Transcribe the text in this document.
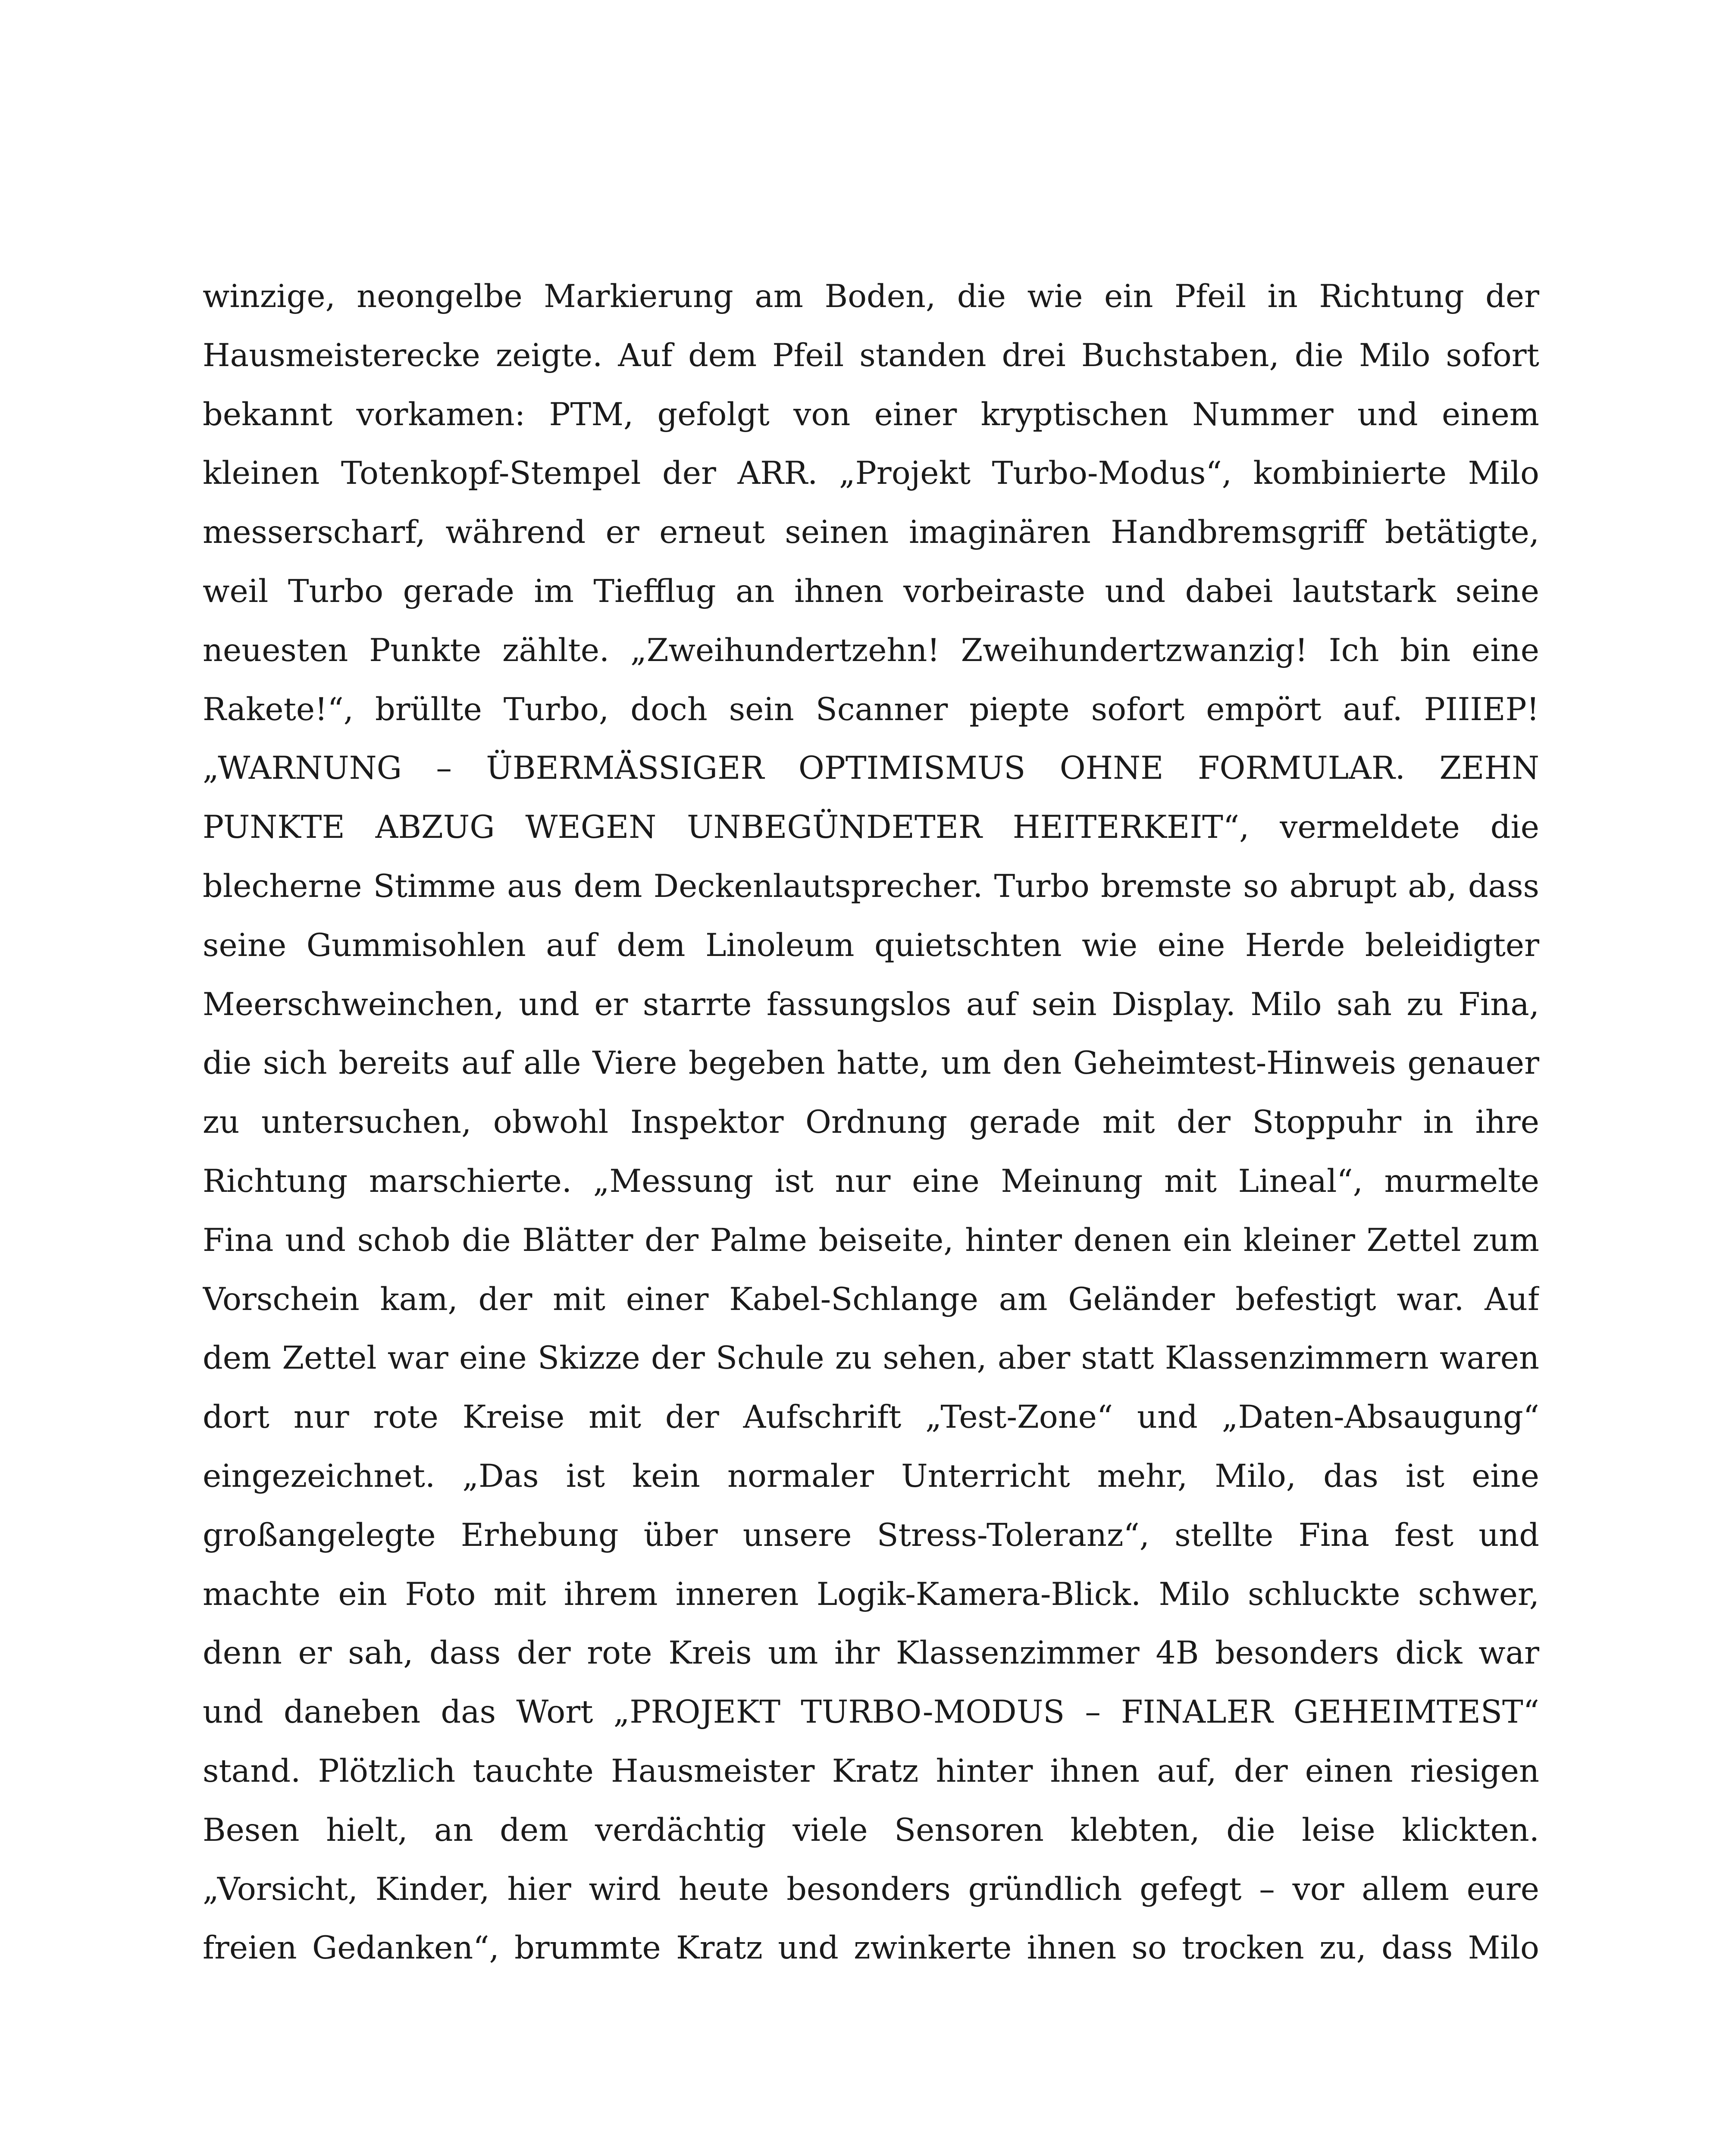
winzige, neongelbe Markierung am Boden, die wie ein Pfeil in Richtung der
Hausmeisterecke zeigte. Auf dem Pfeil standen drei Buchstaben, die Milo sofort
bekannt vorkamen: PTM, gefolgt von einer kryptischen Nummer und einem
kleinen Totenkopf-Stempel der ARR. „Projekt Turbo-Modus“, kombinierte Milo
messerscharf, während er erneut seinen imaginären Handbremsgriff betätigte,
weil Turbo gerade im Tiefflug an ihnen vorbeiraste und dabei lautstark seine
neuesten Punkte zählte. „Zweihundertzehn! Zweihundertzwanzig! Ich bin eine
Rakete!“, brüllte Turbo, doch sein Scanner piepte sofort empört auf. PIIIEP!
„WARNUNG – ÜBERMÄSSIGER OPTIMISMUS OHNE FORMULAR. ZEHN
PUNKTE ABZUG WEGEN UNBEGÜNDETER HEITERKEIT“, vermeldete die
blecherne Stimme aus dem Deckenlautsprecher. Turbo bremste so abrupt ab, dass
seine Gummisohlen auf dem Linoleum quietschten wie eine Herde beleidigter
Meerschweinchen, und er starrte fassungslos auf sein Display. Milo sah zu Fina,
die sich bereits auf alle Viere begeben hatte, um den Geheimtest-Hinweis genauer
zu untersuchen, obwohl Inspektor Ordnung gerade mit der Stoppuhr in ihre
Richtung marschierte. „Messung ist nur eine Meinung mit Lineal“, murmelte
Fina und schob die Blätter der Palme beiseite, hinter denen ein kleiner Zettel zum
Vorschein kam, der mit einer Kabel-Schlange am Geländer befestigt war. Auf
dem Zettel war eine Skizze der Schule zu sehen, aber statt Klassenzimmern waren
dort nur rote Kreise mit der Aufschrift „Test-Zone“ und „Daten-Absaugung“
eingezeichnet. „Das ist kein normaler Unterricht mehr, Milo, das ist eine
großangelegte Erhebung über unsere Stress-Toleranz“, stellte Fina fest und
machte ein Foto mit ihrem inneren Logik-Kamera-Blick. Milo schluckte schwer,
denn er sah, dass der rote Kreis um ihr Klassenzimmer 4B besonders dick war
und daneben das Wort „PROJEKT TURBO-MODUS – FINALER GEHEIMTEST“
stand. Plötzlich tauchte Hausmeister Kratz hinter ihnen auf, der einen riesigen
Besen hielt, an dem verdächtig viele Sensoren klebten, die leise klickten.
„Vorsicht, Kinder, hier wird heute besonders gründlich gefegt – vor allem eure
freien Gedanken“, brummte Kratz und zwinkerte ihnen so trocken zu, dass Milo
